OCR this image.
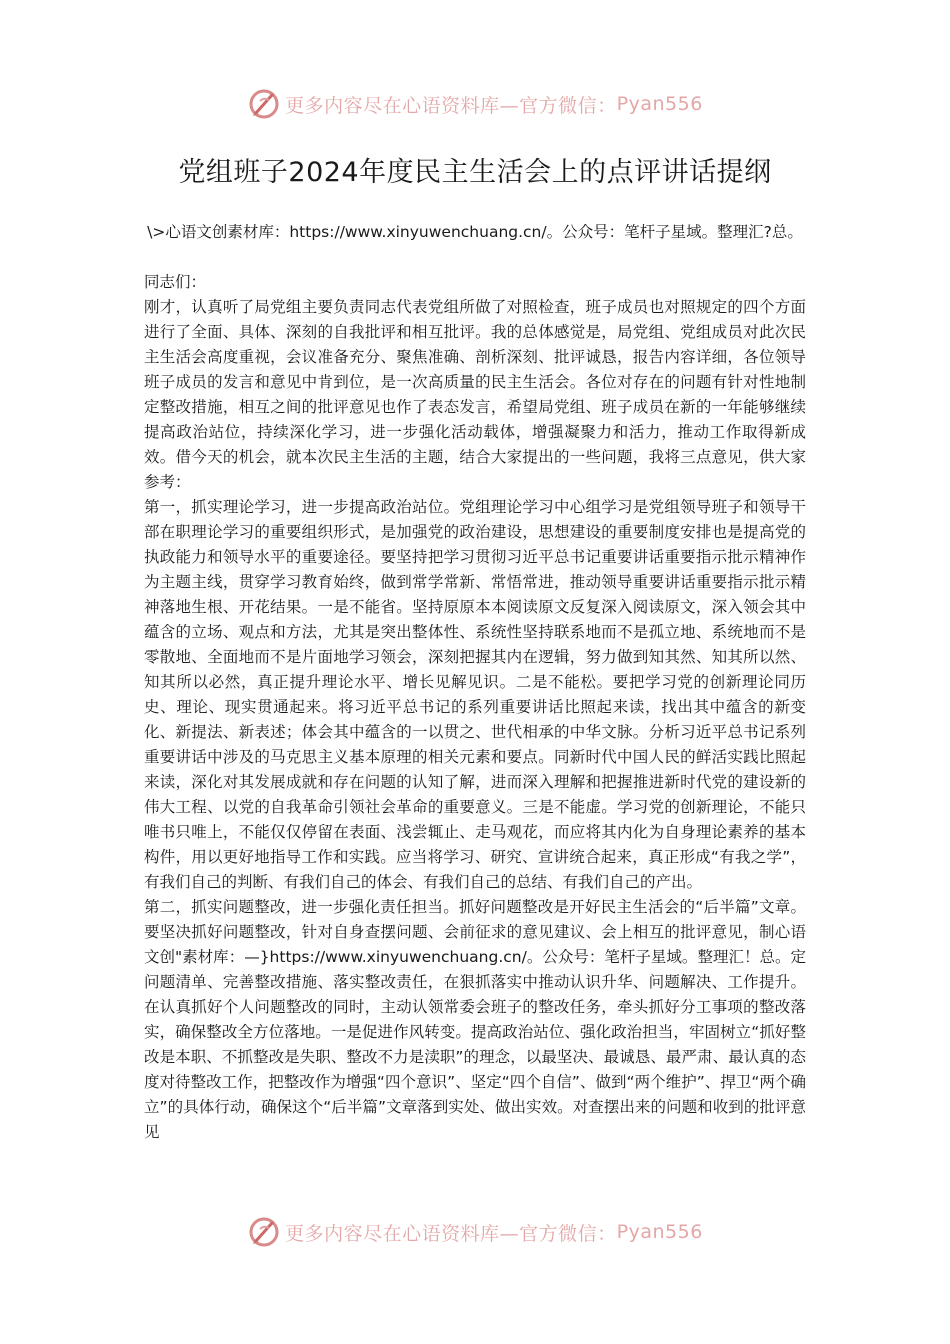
更多内容尽在心语资料库—官方微信： Pyan556
党组班子2024年度民主生活会上的点评讲话提纲
\>心语文创素材库：https://www.xinyuwenchuang.cn/。公众号：笔杆子星域。整理汇?总。

同志们：

刚才，认真听了局党组主要负责同志代表党组所做了对照检查，班子成员也对照规定的四个方面进行了全面、具体、深刻的自我批评和相互批评。我的总体感觉是，局党组、党组成员对此次民主生活会高度重视，会议准备充分、聚焦准确、剖析深刻、批评诚恳，报告内容详细，各位领导班子成员的发言和意见中肯到位，是一次高质量的民主生活会。各位对存在的问题有针对性地制定整改措施，相互之间的批评意见也作了表态发言，希望局党组、班子成员在新的一年能够继续提高政治站位，持续深化学习，进一步强化活动载体，增强凝聚力和活力，推动工作取得新成效。借今天的机会，就本次民主生活的主题，结合大家提出的一些问题，我将三点意见，供大家参考：

第一，抓实理论学习，进一步提高政治站位。党组理论学习中心组学习是党组领导班子和领导干部在职理论学习的重要组织形式，是加强党的政治建设，思想建设的重要制度安排也是提高党的执政能力和领导水平的重要途径。要坚持把学习贯彻习近平总书记重要讲话重要指示批示精神作为主题主线，贯穿学习教育始终，做到常学常新、常悟常进，推动领导重要讲话重要指示批示精神落地生根、开花结果。一是不能省。坚持原原本本阅读原文反复深入阅读原文，深入领会其中蕴含的立场、观点和方法，尤其是突出整体性、系统性坚持联系地而不是孤立地、系统地而不是零散地、全面地而不是片面地学习领会，深刻把握其内在逻辑，努力做到知其然、知其所以然、知其所以必然，真正提升理论水平、增长见解见识。二是不能松。要把学习党的创新理论同历史、理论、现实贯通起来。将习近平总书记的系列重要讲话比照起来读，找出其中蕴含的新变化、新提法、新表述；体会其中蕴含的一以贯之、世代相承的中华文脉。分析习近平总书记系列重要讲话中涉及的马克思主义基本原理的相关元素和要点。同新时代中国人民的鲜活实践比照起来读，深化对其发展成就和存在问题的认知了解，进而深入理解和把握推进新时代党的建设新的伟大工程、以党的自我革命引领社会革命的重要意义。三是不能虚。学习党的创新理论，不能只唯书只唯上，不能仅仅停留在表面、浅尝辄止、走马观花，而应将其内化为自身理论素养的基本构件，用以更好地指导工作和实践。应当将学习、研究、宣讲统合起来，真正形成“有我之学”，有我们自己的判断、有我们自己的体会、有我们自己的总结、有我们自己的产出。

第二，抓实问题整改，进一步强化责任担当。抓好问题整改是开好民主生活会的“后半篇”文章。要坚决抓好问题整改，针对自身查摆问题、会前征求的意见建议、会上相互的批评意见，制心语文创"素材库：—}https://www.xinyuwenchuang.cn/。公众号：笔杆子星域。整理汇！总。定问题清单、完善整改措施、落实整改责任，在狠抓落实中推动认识升华、问题解决、工作提升。在认真抓好个人问题整改的同时，主动认领常委会班子的整改任务，牵头抓好分工事项的整改落实，确保整改全方位落地。一是促进作风转变。提高政治站位、强化政治担当，牢固树立“抓好整改是本职、不抓整改是失职、整改不力是渎职”的理念，以最坚决、最诚恳、最严肃、最认真的态度对待整改工作，把整改作为增强“四个意识”、坚定“四个自信”、做到“两个维护”、捍卫“两个确立”的具体行动，确保这个“后半篇”文章落到实处、做出实效。对查摆出来的问题和收到的批评意见

更多内容尽在心语资料库—官方微信： Pyan556
